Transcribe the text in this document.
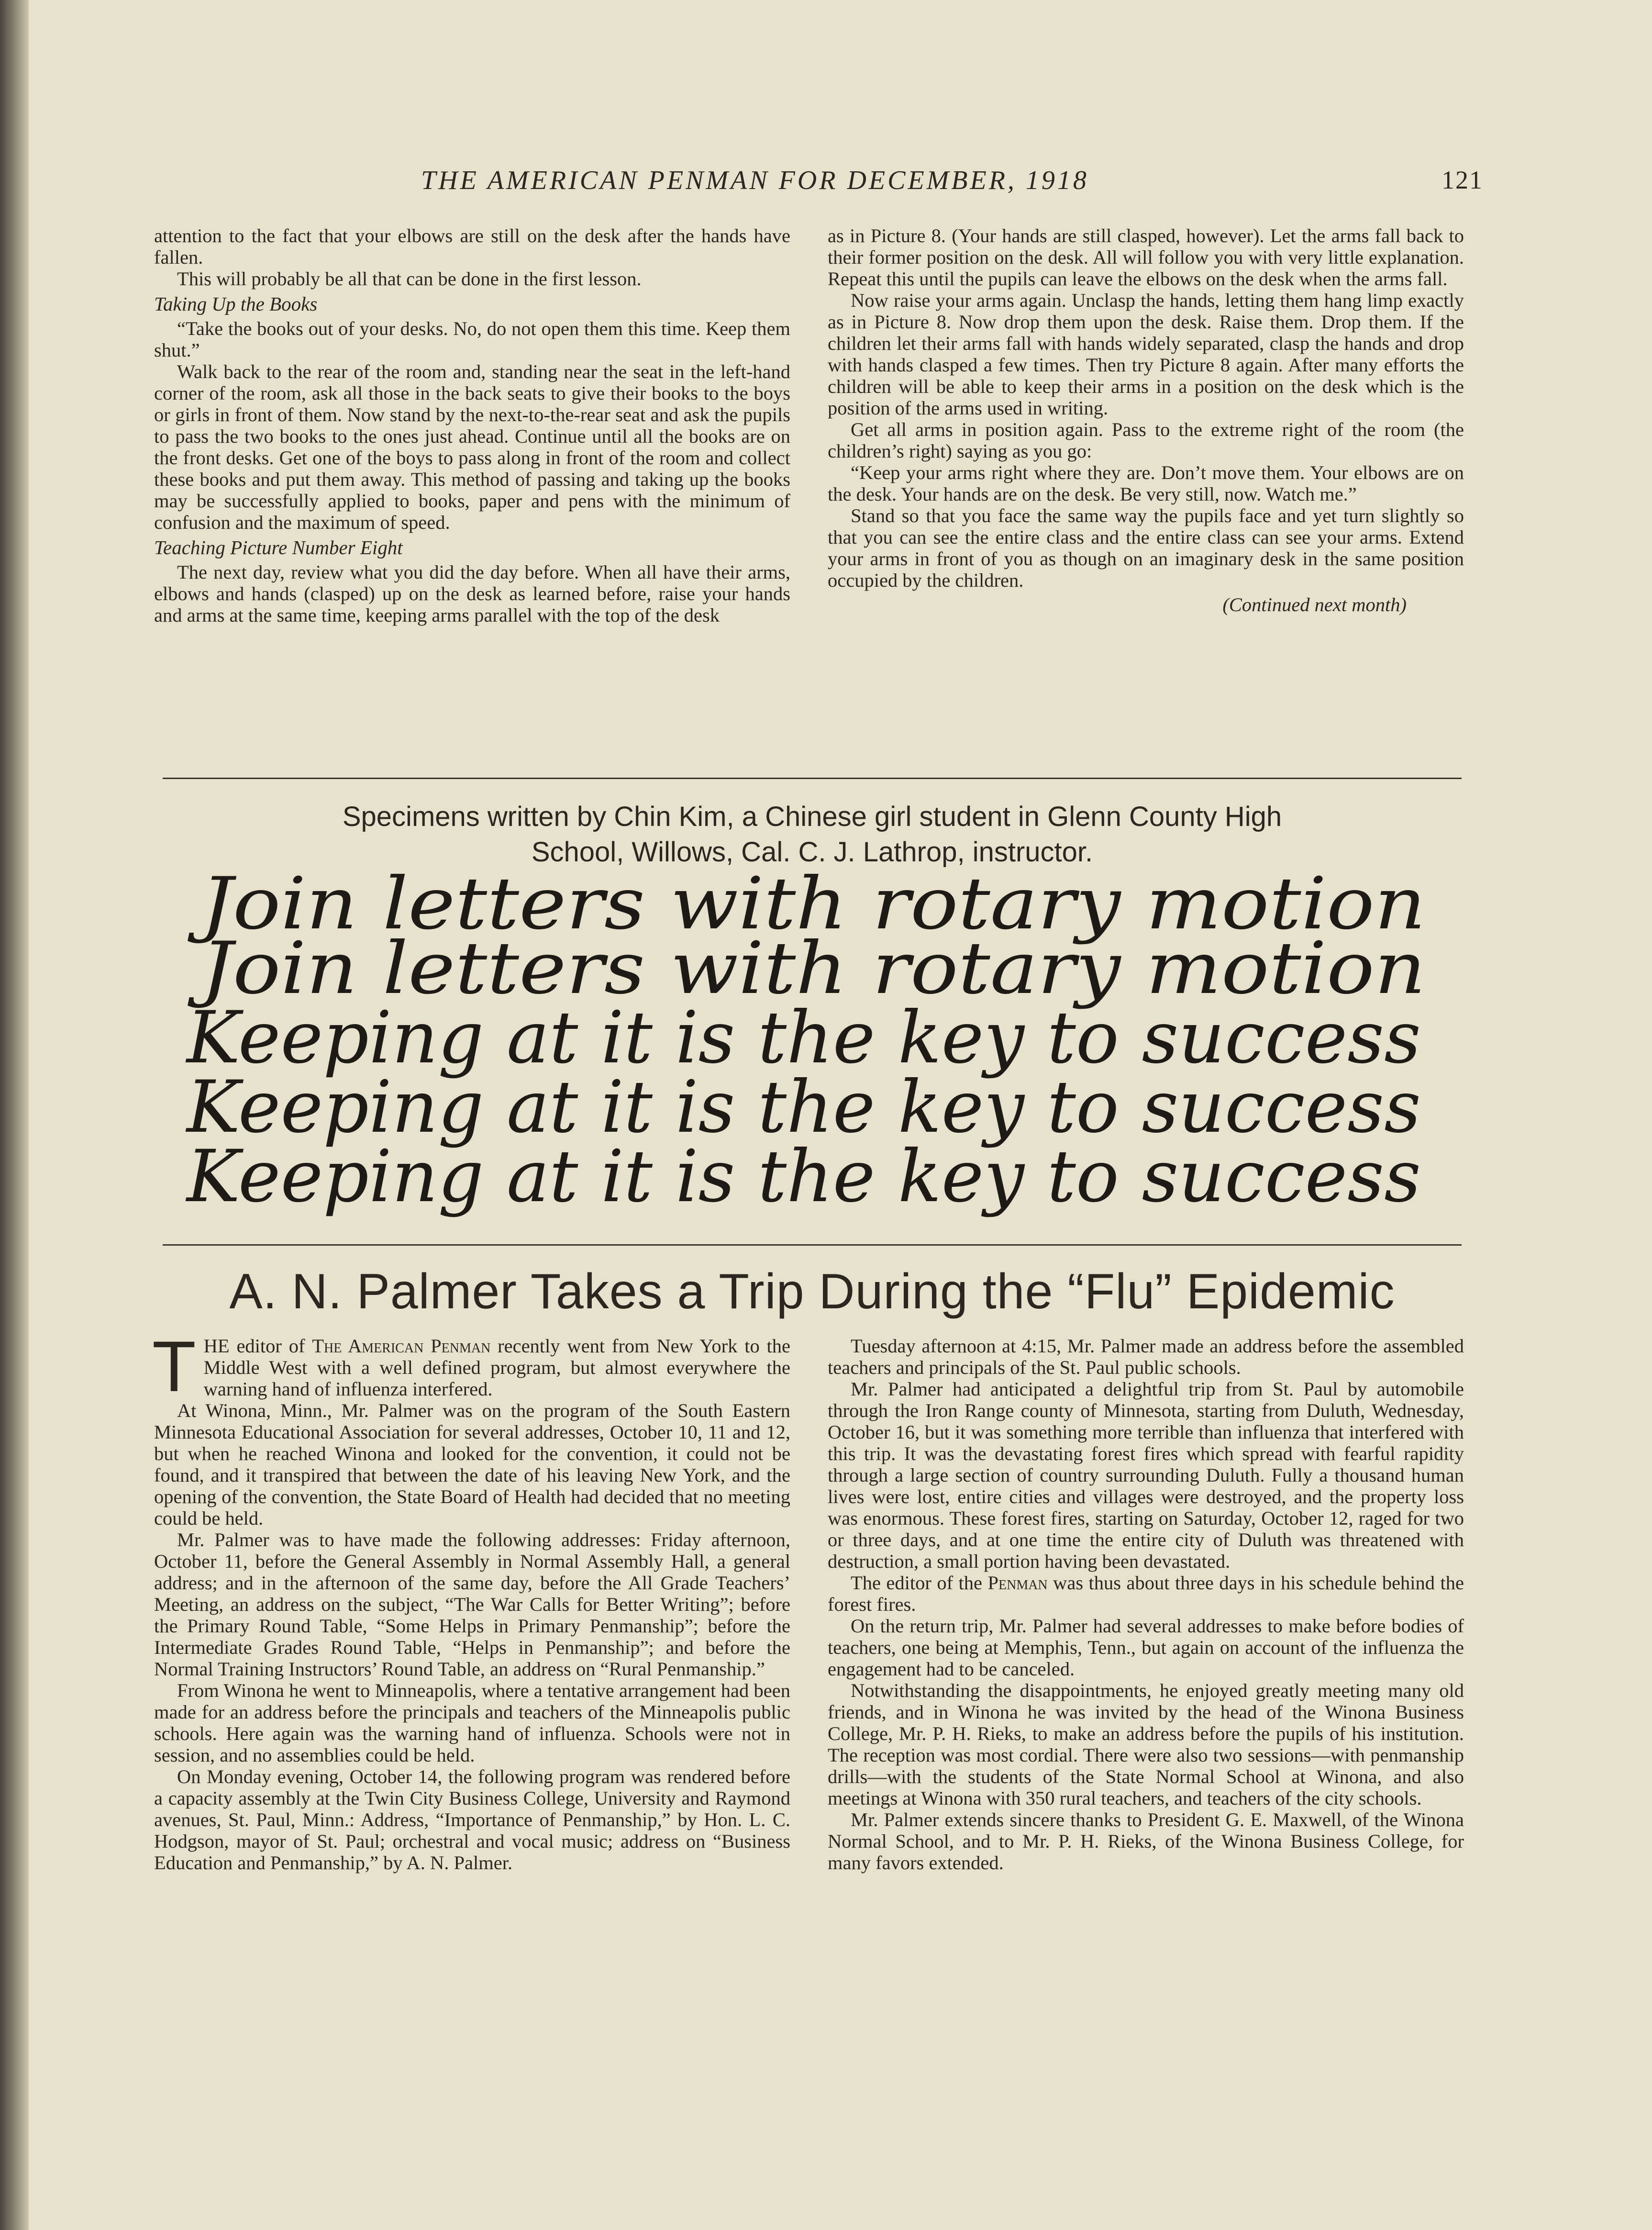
THE AMERICAN PENMAN FOR DECEMBER, 1918	121

attention to the fact that your elbows are still on the desk after the hands have fallen.

This will probably be all that can be done in the first lesson.

Taking Up the Books

“Take the books out of your desks. No, do not open them this time. Keep them shut.”

Walk back to the rear of the room and, standing near the seat in the left-hand corner of the room, ask all those in the back seats to give their books to the boys or girls in front of them. Now stand by the next-to-the-rear seat and ask the pupils to pass the two books to the ones just ahead. Continue until all the books are on the front desks. Get one of the boys to pass along in front of the room and collect these books and put them away. This method of passing and taking up the books may be successfully applied to books, paper and pens with the minimum of confusion and the maximum of speed.

Teaching Picture Number Eight

The next day, review what you did the day before. When all have their arms, elbows and hands (clasped) up on the desk as learned before, raise your hands and arms at the same time, keeping arms parallel with the top of the desk

as in Picture 8. (Your hands are still clasped, however). Let the arms fall back to their former position on the desk. All will follow you with very little explanation. Repeat this until the pupils can leave the elbows on the desk when the arms fall.

Now raise your arms again. Unclasp the hands, letting them hang limp exactly as in Picture 8. Now drop them upon the desk. Raise them. Drop them. If the children let their arms fall with hands widely separated, clasp the hands and drop with hands clasped a few times. Then try Picture 8 again. After many efforts the children will be able to keep their arms in a position on the desk which is the position of the arms used in writing.

Get all arms in position again. Pass to the extreme right of the room (the children’s right) saying as you go:

“Keep your arms right where they are. Don’t move them. Your elbows are on the desk. Your hands are on the desk. Be very still, now. Watch me.”

Stand so that you face the same way the pupils face and yet turn slightly so that you can see the entire class and the entire class can see your arms. Extend your arms in front of you as though on an imaginary desk in the same position occupied by the children.

(Continued next month)
Specimens written by Chin Kim, a Chinese girl student in Glenn County High
School, Willows, Cal. C. J. Lathrop, instructor.
Join letters with rotary motion
Join letters with rotary motion
Keeping at it is the key to success
Keeping at it is the key to success
Keeping at it is the key to success
A. N. Palmer Takes a Trip During the “Flu” Epidemic

THE editor of The American Penman recently went from New York to the Middle West with a well defined program, but almost everywhere the warning hand of influenza interfered.

At Winona, Minn., Mr. Palmer was on the program of the South Eastern Minnesota Educational Association for several addresses, October 10, 11 and 12, but when he reached Winona and looked for the convention, it could not be found, and it transpired that between the date of his leaving New York, and the opening of the convention, the State Board of Health had decided that no meeting could be held.

Mr. Palmer was to have made the following addresses: Friday afternoon, October 11, before the General Assembly in Normal Assembly Hall, a general address; and in the afternoon of the same day, before the All Grade Teachers’ Meeting, an address on the subject, “The War Calls for Better Writing”; before the Primary Round Table, “Some Helps in Primary Penmanship”; before the Intermediate Grades Round Table, “Helps in Penmanship”; and before the Normal Training Instructors’ Round Table, an address on “Rural Penmanship.”

From Winona he went to Minneapolis, where a tentative arrangement had been made for an address before the principals and teachers of the Minneapolis public schools. Here again was the warning hand of influenza. Schools were not in session, and no assemblies could be held.

On Monday evening, October 14, the following program was rendered before a capacity assembly at the Twin City Business College, University and Raymond avenues, St. Paul, Minn.: Address, “Importance of Penmanship,” by Hon. L. C. Hodgson, mayor of St. Paul; orchestral and vocal music; address on “Business Education and Penmanship,” by A. N. Palmer.

Tuesday afternoon at 4:15, Mr. Palmer made an address before the assembled teachers and principals of the St. Paul public schools.

Mr. Palmer had anticipated a delightful trip from St. Paul by automobile through the Iron Range county of Minnesota, starting from Duluth, Wednesday, October 16, but it was something more terrible than influenza that interfered with this trip. It was the devastating forest fires which spread with fearful rapidity through a large section of country surrounding Duluth. Fully a thousand human lives were lost, entire cities and villages were destroyed, and the property loss was enormous. These forest fires, starting on Saturday, October 12, raged for two or three days, and at one time the entire city of Duluth was threatened with destruction, a small portion having been devastated.

The editor of the Penman was thus about three days in his schedule behind the forest fires.

On the return trip, Mr. Palmer had several addresses to make before bodies of teachers, one being at Memphis, Tenn., but again on account of the influenza the engagement had to be canceled.

Notwithstanding the disappointments, he enjoyed greatly meeting many old friends, and in Winona he was invited by the head of the Winona Business College, Mr. P. H. Rieks, to make an address before the pupils of his institution. The reception was most cordial. There were also two sessions—with penmanship drills—with the students of the State Normal School at Winona, and also meetings at Winona with 350 rural teachers, and teachers of the city schools.

Mr. Palmer extends sincere thanks to President G. E. Maxwell, of the Winona Normal School, and to Mr. P. H. Rieks, of the Winona Business College, for many favors extended.
